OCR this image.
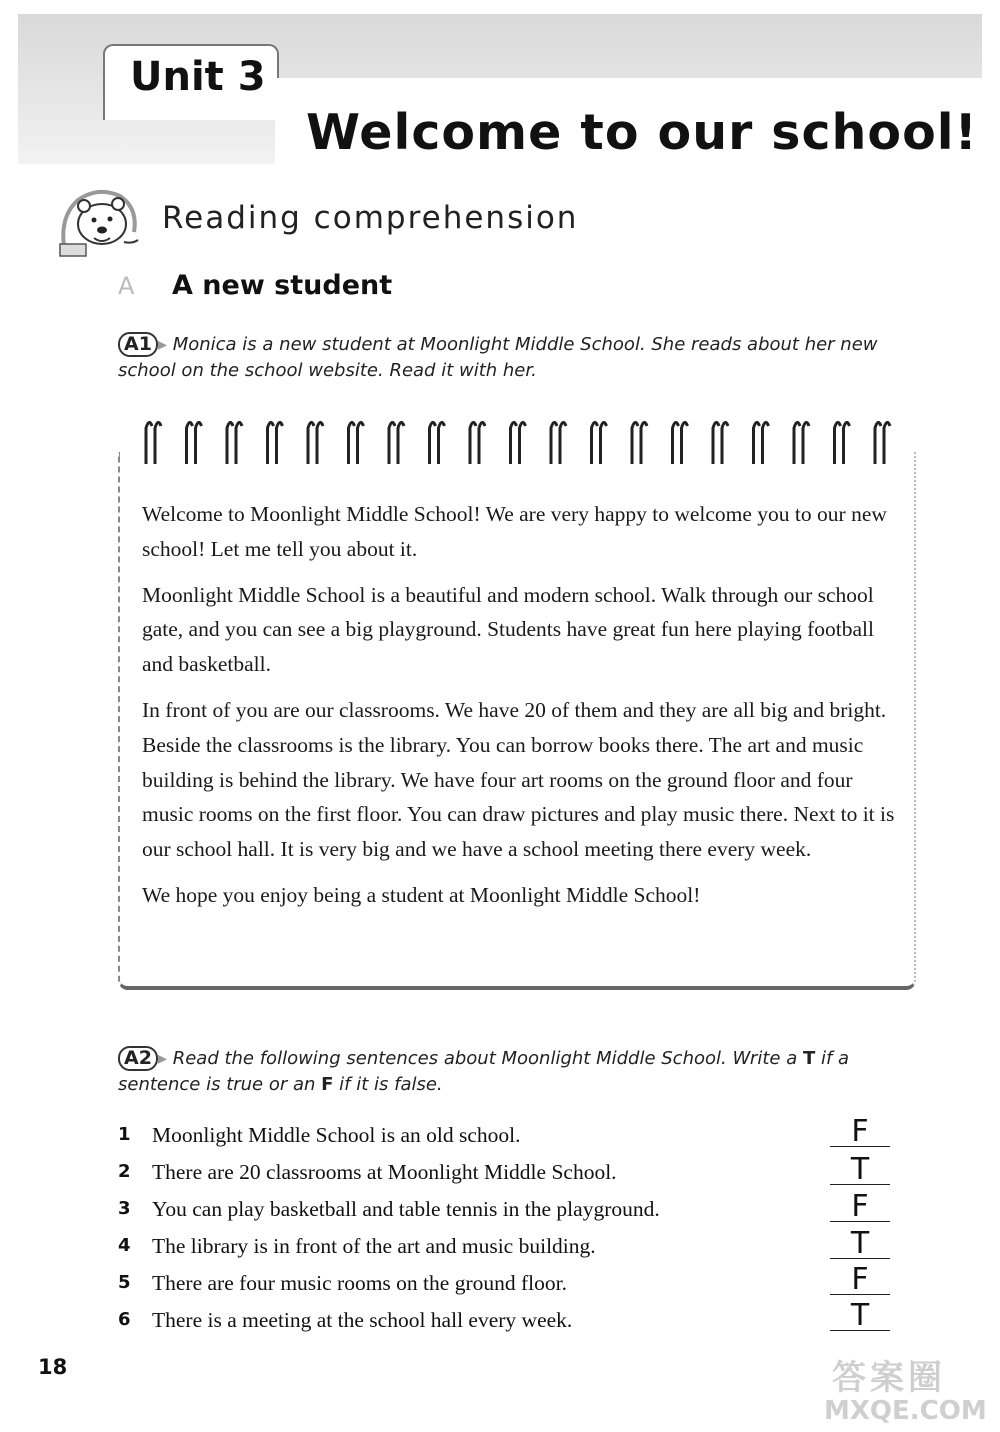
Unit 3
Welcome to our school!
Reading comprehension
A A new student
A1 ▸ Monica is a new student at Moonlight Middle School. She reads about her new school on the school website. Read it with her.

Welcome to Moonlight Middle School! We are very happy to welcome you to our new school! Let me tell you about it.

Moonlight Middle School is a beautiful and modern school. Walk through our school gate, and you can see a big playground. Students have great fun here playing football and basketball.

In front of you are our classrooms. We have 20 of them and they are all big and bright. Beside the classrooms is the library. You can borrow books there. The art and music building is behind the library. We have four art rooms on the ground floor and four music rooms on the first floor. You can draw pictures and play music there. Next to it is our school hall. It is very big and we have a school meeting there every week.

We hope you enjoy being a student at Moonlight Middle School!

A2 ▸ Read the following sentences about Moonlight Middle School. Write a T if a sentence is true or an F if it is false.
1 Moonlight Middle School is an old school.	F
2 There are 20 classrooms at Moonlight Middle School.	T
3 You can play basketball and table tennis in the playground.	F
4 The library is in front of the art and music building.	T
5 There are four music rooms on the ground floor.	F
6 There is a meeting at the school hall every week.	T
18	答案圈
MXQE.COM
